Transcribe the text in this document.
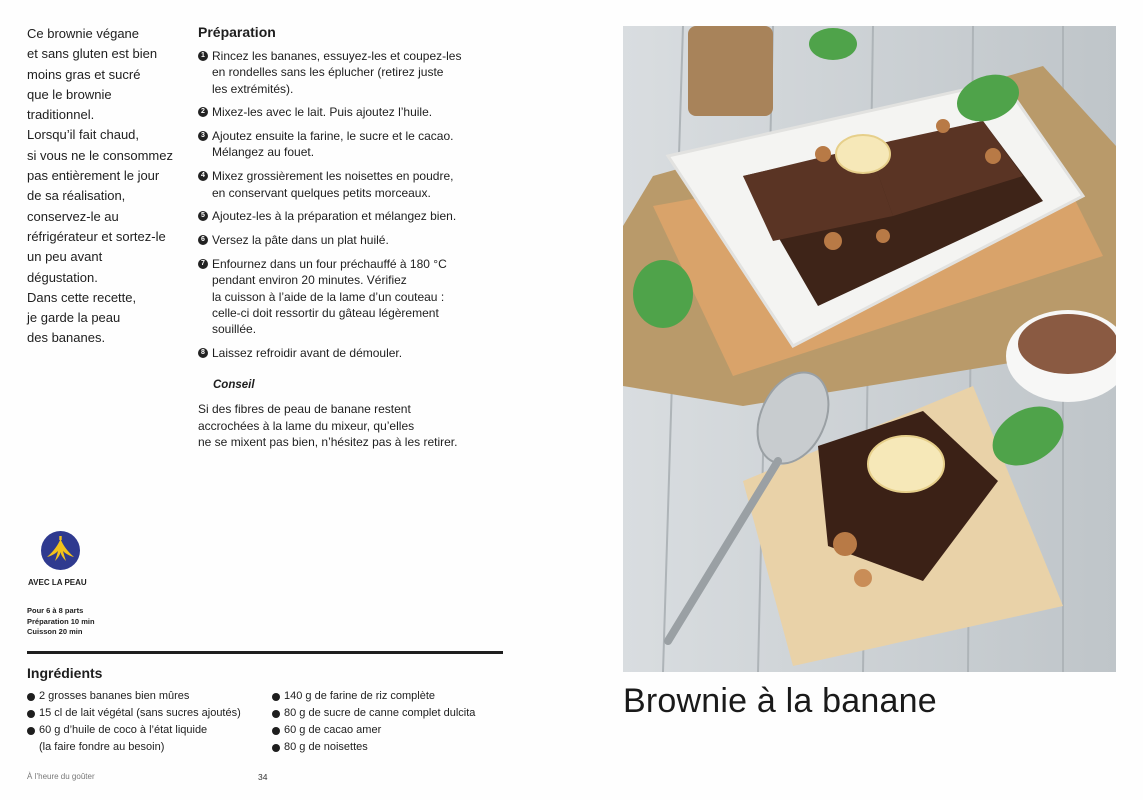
Ce brownie végane
et sans gluten est bien
moins gras et sucré
que le brownie
traditionnel.
Lorsqu’il fait chaud,
si vous ne le consommez
pas entièrement le jour
de sa réalisation,
conservez-le au
réfrigérateur et sortez-le
un peu avant
dégustation.
Dans cette recette,
je garde la peau
des bananes.
Préparation
1 Rincez les bananes, essuyez-les et coupez-les
en rondelles sans les éplucher (retirez juste
les extrémités).
2 Mixez-les avec le lait. Puis ajoutez l’huile.
3 Ajoutez ensuite la farine, le sucre et le cacao.
Mélangez au fouet.
4 Mixez grossièrement les noisettes en poudre,
en conservant quelques petits morceaux.
5 Ajoutez-les à la préparation et mélangez bien.
6 Versez la pâte dans un plat huilé.
7 Enfournez dans un four préchauffé à 180 °C
pendant environ 20 minutes. Vérifiez
la cuisson à l’aide de la lame d’un couteau :
celle-ci doit ressortir du gâteau légèrement
souillée.
8 Laissez refroidir avant de démouler.
Conseil
Si des fibres de peau de banane restent
accrochées à la lame du mixeur, qu’elles
ne se mixent pas bien, n’hésitez pas à les retirer.
AVEC LA PEAU
Pour 6 à 8 parts
Préparation 10 min
Cuisson 20 min
Ingrédients
2 grosses bananes bien mûres
15 cl de lait végétal (sans sucres ajoutés)
60 g d’huile de coco à l’état liquide
(la faire fondre au besoin)
140 g de farine de riz complète
80 g de sucre de canne complet dulcita
60 g de cacao amer
80 g de noisettes
À l’heure du goûter	34
Brownie à la banane
